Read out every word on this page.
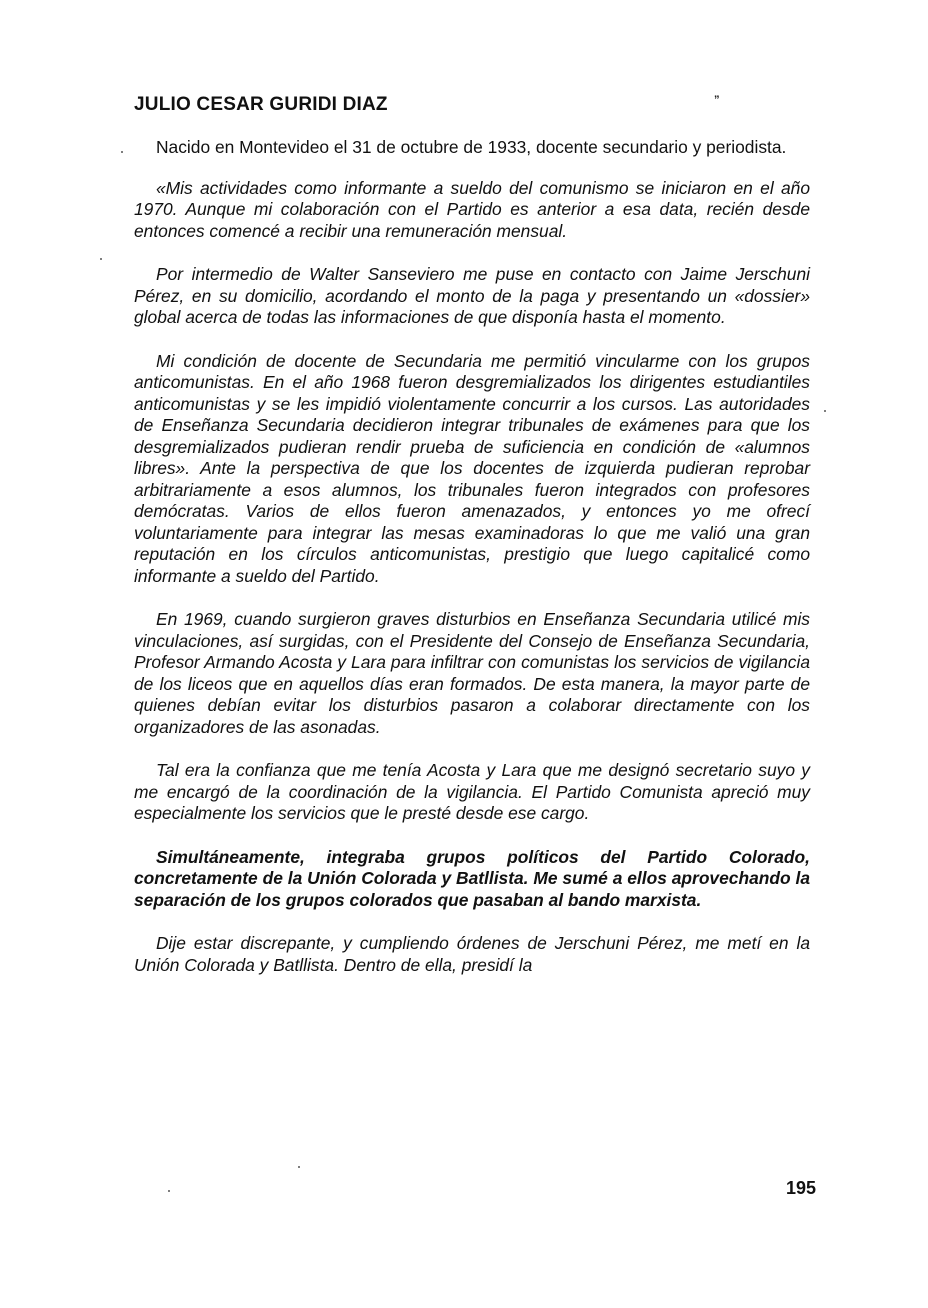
JULIO CESAR GURIDI DIAZ	”

Nacido en Montevideo el 31 de octubre de 1933, docente secundario y periodista.

«Mis actividades como informante a sueldo del comunismo se iniciaron en el año 1970. Aunque mi colaboración con el Partido es anterior a esa data, recién desde entonces comencé a recibir una remuneración mensual.

Por intermedio de Walter Sanseviero me puse en contacto con Jaime Jerschuni Pérez, en su domicilio, acordando el monto de la paga y presentando un «dossier» global acerca de todas las informaciones de que disponía hasta el momento.

Mi condición de docente de Secundaria me permitió vincularme con los grupos anticomunistas. En el año 1968 fueron desgremializados los dirigentes estudiantiles anticomunistas y se les impidió violentamente concurrir a los cursos. Las autoridades de Enseñanza Secundaria decidieron integrar tribunales de exámenes para que los desgremializados pudieran rendir prueba de suficiencia en condición de «alumnos libres». Ante la perspectiva de que los docentes de izquierda pudieran reprobar arbitrariamente a esos alumnos, los tribunales fueron integrados con profesores demócratas. Varios de ellos fueron amenazados, y entonces yo me ofrecí voluntariamente para integrar las mesas examinadoras lo que me valió una gran reputación en los círculos anticomunistas, prestigio que luego capitalicé como informante a sueldo del Partido.

En 1969, cuando surgieron graves disturbios en Enseñanza Secundaria utilicé mis vinculaciones, así surgidas, con el Presidente del Consejo de Enseñanza Secundaria, Profesor Armando Acosta y Lara para infiltrar con comunistas los servicios de vigilancia de los liceos que en aquellos días eran formados. De esta manera, la mayor parte de quienes debían evitar los disturbios pasaron a colaborar directamente con los organizadores de las asonadas.

Tal era la confianza que me tenía Acosta y Lara que me designó secretario suyo y me encargó de la coordinación de la vigilancia. El Partido Comunista apreció muy especialmente los servicios que le presté desde ese cargo.

Simultáneamente, integraba grupos políticos del Partido Colorado, concretamente de la Unión Colorada y Batllista. Me sumé a ellos aprovechando la separación de los grupos colorados que pasaban al bando marxista.

Dije estar discrepante, y cumpliendo órdenes de Jerschuni Pérez, me metí en la Unión Colorada y Batllista. Dentro de ella, presidí la

195
